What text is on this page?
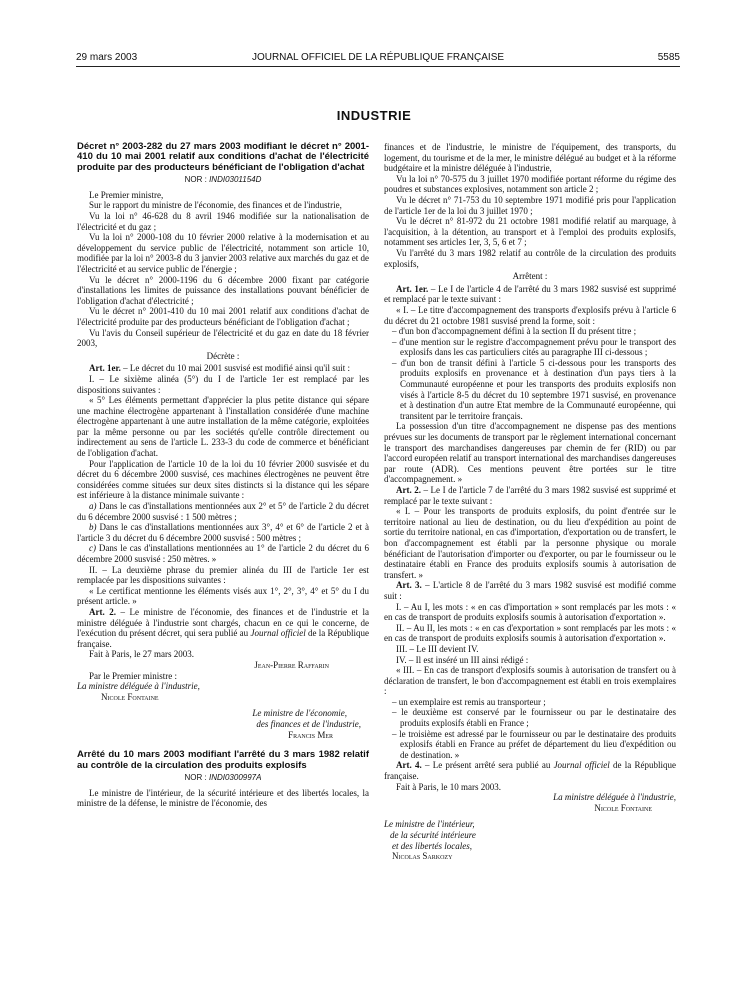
29 mars 2003	JOURNAL OFFICIEL DE LA RÉPUBLIQUE FRANÇAISE	5585
INDUSTRIE

Décret n° 2003-282 du 27 mars 2003 modifiant le décret n° 2001-410 du 10 mai 2001 relatif aux conditions d'achat de l'électricité produite par des producteurs bénéficiant de l'obligation d'achat

NOR : INDI0301154D

Le Premier ministre,

Sur le rapport du ministre de l'économie, des finances et de l'industrie,

Vu la loi n° 46-628 du 8 avril 1946 modifiée sur la nationalisation de l'électricité et du gaz ;

Vu la loi n° 2000-108 du 10 février 2000 relative à la modernisation et au développement du service public de l'électricité, notamment son article 10, modifiée par la loi n° 2003-8 du 3 janvier 2003 relative aux marchés du gaz et de l'électricité et au service public de l'énergie ;

Vu le décret n° 2000-1196 du 6 décembre 2000 fixant par catégorie d'installations les limites de puissance des installations pouvant bénéficier de l'obligation d'achat d'électricité ;

Vu le décret n° 2001-410 du 10 mai 2001 relatif aux conditions d'achat de l'électricité produite par des producteurs bénéficiant de l'obligation d'achat ;

Vu l'avis du Conseil supérieur de l'électricité et du gaz en date du 18 février 2003,

Décrète :

Art. 1er. – Le décret du 10 mai 2001 susvisé est modifié ainsi qu'il suit :

I. – Le sixième alinéa (5°) du I de l'article 1er est remplacé par les dispositions suivantes :

« 5° Les éléments permettant d'apprécier la plus petite distance qui sépare une machine électrogène appartenant à l'installation considérée d'une machine électrogène appartenant à une autre installation de la même catégorie, exploitées par la même personne ou par les sociétés qu'elle contrôle directement ou indirectement au sens de l'article L. 233-3 du code de commerce et bénéficiant de l'obligation d'achat.

Pour l'application de l'article 10 de la loi du 10 février 2000 susvisée et du décret du 6 décembre 2000 susvisé, ces machines électrogènes ne peuvent être considérées comme situées sur deux sites distincts si la distance qui les sépare est inférieure à la distance minimale suivante :

a) Dans le cas d'installations mentionnées aux 2° et 5° de l'article 2 du décret du 6 décembre 2000 susvisé : 1 500 mètres ;

b) Dans le cas d'installations mentionnées aux 3°, 4° et 6° de l'article 2 et à l'article 3 du décret du 6 décembre 2000 susvisé : 500 mètres ;

c) Dans le cas d'installations mentionnées au 1° de l'article 2 du décret du 6 décembre 2000 susvisé : 250 mètres. »

II. – La deuxième phrase du premier alinéa du III de l'article 1er est remplacée par les dispositions suivantes :

« Le certificat mentionne les éléments visés aux 1°, 2°, 3°, 4° et 5° du I du présent article. »

Art. 2. – Le ministre de l'économie, des finances et de l'industrie et la ministre déléguée à l'industrie sont chargés, chacun en ce qui le concerne, de l'exécution du présent décret, qui sera publié au Journal officiel de la République française.

Fait à Paris, le 27 mars 2003.

Jean-Pierre Raffarin

Par le Premier ministre :

La ministre déléguée à l'industrie,

Nicole Fontaine

Le ministre de l'économie,

des finances et de l'industrie,

Francis Mer

Arrêté du 10 mars 2003 modifiant l'arrêté du 3 mars 1982 relatif au contrôle de la circulation des produits explosifs

NOR : INDI0300997A

Le ministre de l'intérieur, de la sécurité intérieure et des libertés locales, la ministre de la défense, le ministre de l'économie, des

finances et de l'industrie, le ministre de l'équipement, des transports, du logement, du tourisme et de la mer, le ministre délégué au budget et à la réforme budgétaire et la ministre déléguée à l'industrie,

Vu la loi n° 70-575 du 3 juillet 1970 modifiée portant réforme du régime des poudres et substances explosives, notamment son article 2 ;

Vu le décret n° 71-753 du 10 septembre 1971 modifié pris pour l'application de l'article 1er de la loi du 3 juillet 1970 ;

Vu le décret n° 81-972 du 21 octobre 1981 modifié relatif au marquage, à l'acquisition, à la détention, au transport et à l'emploi des produits explosifs, notamment ses articles 1er, 3, 5, 6 et 7 ;

Vu l'arrêté du 3 mars 1982 relatif au contrôle de la circulation des produits explosifs,

Arrêtent :

Art. 1er. – Le I de l'article 4 de l'arrêté du 3 mars 1982 susvisé est supprimé et remplacé par le texte suivant :

« I. – Le titre d'accompagnement des transports d'explosifs prévu à l'article 6 du décret du 21 octobre 1981 susvisé prend la forme, soit :

– d'un bon d'accompagnement défini à la section II du présent titre ;
– d'une mention sur le registre d'accompagnement prévu pour le transport des explosifs dans les cas particuliers cités au paragraphe III ci-dessous ;
– d'un bon de transit défini à l'article 5 ci-dessous pour les transports des produits explosifs en provenance et à destination d'un pays tiers à la Communauté européenne et pour les transports des produits explosifs non visés à l'article 8-5 du décret du 10 septembre 1971 susvisé, en provenance et à destination d'un autre Etat membre de la Communauté européenne, qui transitent par le territoire français.

La possession d'un titre d'accompagnement ne dispense pas des mentions prévues sur les documents de transport par le règlement international concernant le transport des marchandises dangereuses par chemin de fer (RID) ou par l'accord européen relatif au transport international des marchandises dangereuses par route (ADR). Ces mentions peuvent être portées sur le titre d'accompagnement. »

Art. 2. – Le I de l'article 7 de l'arrêté du 3 mars 1982 susvisé est supprimé et remplacé par le texte suivant :

« I. – Pour les transports de produits explosifs, du point d'entrée sur le territoire national au lieu de destination, ou du lieu d'expédition au point de sortie du territoire national, en cas d'importation, d'exportation ou de transfert, le bon d'accompagnement est établi par la personne physique ou morale bénéficiant de l'autorisation d'importer ou d'exporter, ou par le fournisseur ou le destinataire établi en France des produits explosifs soumis à autorisation de transfert. »

Art. 3. – L'article 8 de l'arrêté du 3 mars 1982 susvisé est modifié comme suit :

I. – Au I, les mots : « en cas d'importation » sont remplacés par les mots : « en cas de transport de produits explosifs soumis à autorisation d'exportation ».

II. – Au II, les mots : « en cas d'exportation » sont remplacés par les mots : « en cas de transport de produits explosifs soumis à autorisation d'exportation ».

III. – Le III devient IV.

IV. – Il est inséré un III ainsi rédigé :

« III. – En cas de transport d'explosifs soumis à autorisation de transfert ou à déclaration de transfert, le bon d'accompagnement est établi en trois exemplaires :

– un exemplaire est remis au transporteur ;
– le deuxième est conservé par le fournisseur ou par le destinataire des produits explosifs établi en France ;
– le troisième est adressé par le fournisseur ou par le destinataire des produits explosifs établi en France au préfet de département du lieu d'expédition ou de destination. »

Art. 4. – Le présent arrêté sera publié au Journal officiel de la République française.

Fait à Paris, le 10 mars 2003.

La ministre déléguée à l'industrie,

Nicole Fontaine

Le ministre de l'intérieur,

de la sécurité intérieure

et des libertés locales,

Nicolas Sarkozy
